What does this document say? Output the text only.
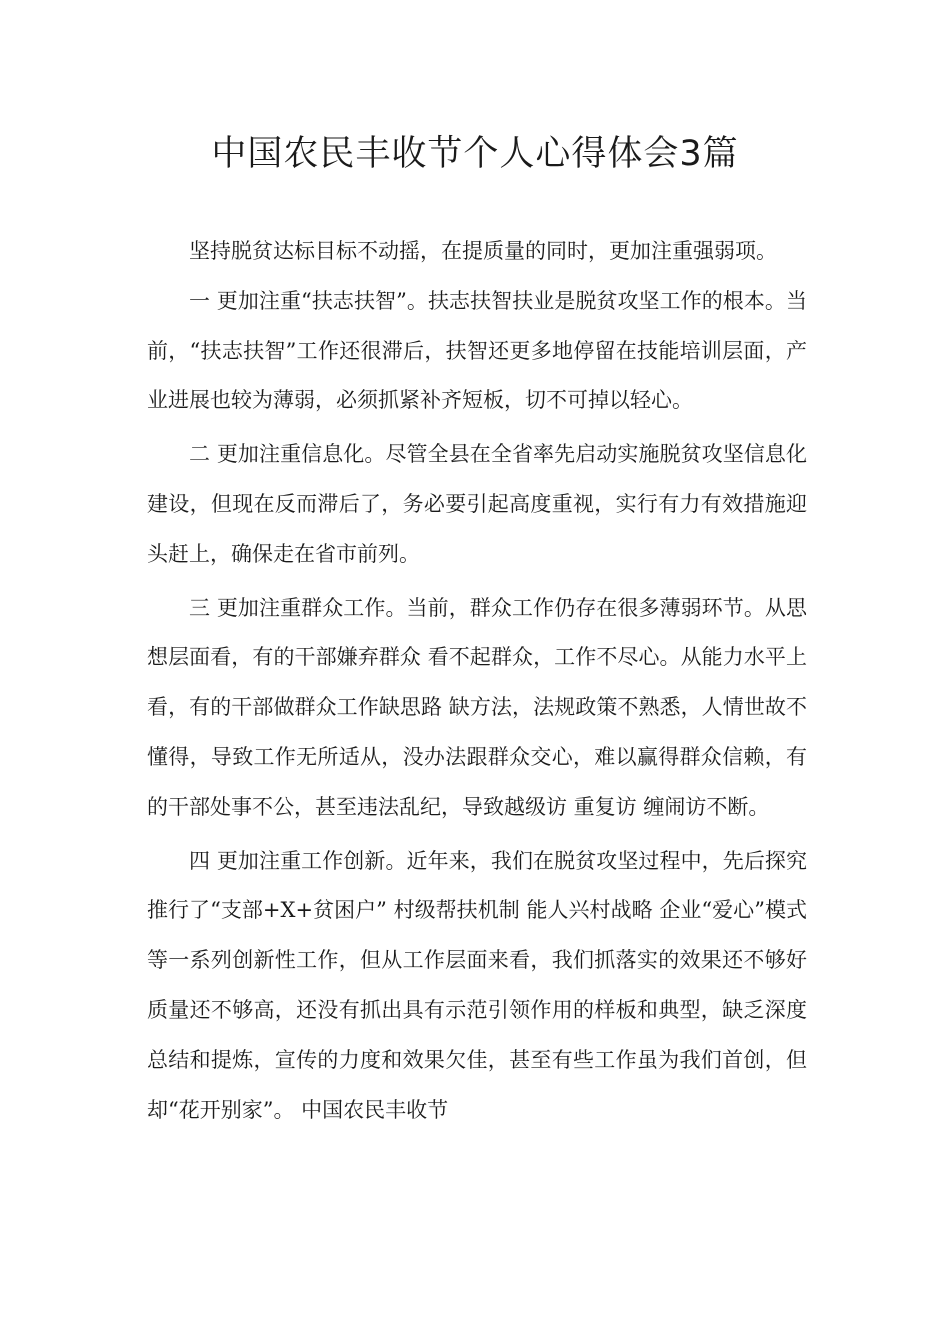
中国农民丰收节个人心得体会3篇

坚持脱贫达标目标不动摇，在提质量的同时，更加注重强弱项。

一 更加注重“扶志扶智”。扶志扶智扶业是脱贫攻坚工作的根本。当前，“扶志扶智”工作还很滞后，扶智还更多地停留在技能培训层面，产业进展也较为薄弱，必须抓紧补齐短板，切不可掉以轻心。

二 更加注重信息化。尽管全县在全省率先启动实施脱贫攻坚信息化建设，但现在反而滞后了，务必要引起高度重视，实行有力有效措施迎头赶上，确保走在省市前列。

三 更加注重群众工作。当前，群众工作仍存在很多薄弱环节。从思想层面看，有的干部嫌弃群众 看不起群众，工作不尽心。从能力水平上看，有的干部做群众工作缺思路 缺方法，法规政策不熟悉，人情世故不懂得，导致工作无所适从，没办法跟群众交心，难以赢得群众信赖，有的干部处事不公，甚至违法乱纪，导致越级访 重复访 缠闹访不断。

四 更加注重工作创新。近年来，我们在脱贫攻坚过程中，先后探究推行了“支部+X+贫困户” 村级帮扶机制 能人兴村战略 企业“爱心”模式等一系列创新性工作，但从工作层面来看，我们抓落实的效果还不够好 质量还不够高，还没有抓出具有示范引领作用的样板和典型，缺乏深度总结和提炼，宣传的力度和效果欠佳，甚至有些工作虽为我们首创，但却“花开别家”。 中国农民丰收节
